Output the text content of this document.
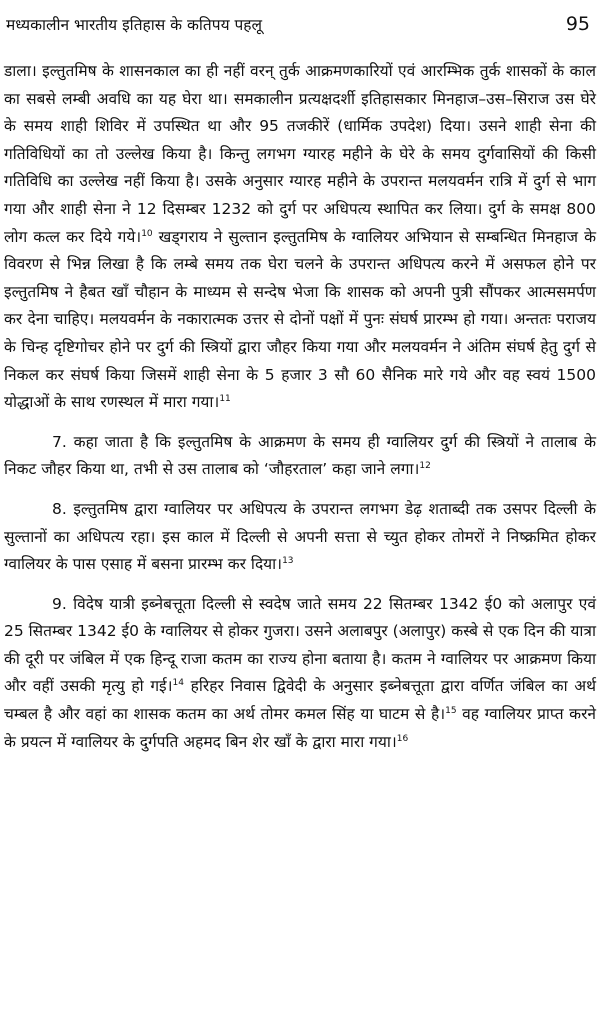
मध्यकालीन भारतीय इतिहास के कतिपय पहलू	95

डाला। इल्तुतमिष के शासनकाल का ही नहीं वरन् तुर्क आक्रमणकारियों एवं आरम्भिक तुर्क शासकों के काल का सबसे लम्बी अवधि का यह घेरा था। समकालीन प्रत्यक्षदर्शी इतिहासकार मिनहाज–उस–सिराज उस घेरे के समय शाही शिविर में उपस्थित था और 95 तजकीरें (धार्मिक उपदेश) दिया। उसने शाही सेना की गतिविधियों का तो उल्लेख किया है। किन्तु लगभग ग्यारह महीने के घेरे के समय दुर्गवासियों की किसी गतिविधि का उल्लेख नहीं किया है। उसके अनुसार ग्यारह महीने के उपरान्त मलयवर्मन रात्रि में दुर्ग से भाग गया और शाही सेना ने 12 दिसम्बर 1232 को दुर्ग पर अधिपत्य स्थापित कर लिया। दुर्ग के समक्ष 800 लोग कत्ल कर दिये गये।$^{10}$ खड्गराय ने सुल्तान इल्तुतमिष के ग्वालियर अभियान से सम्बन्धित मिनहाज के विवरण से भिन्न लिखा है कि लम्बे समय तक घेरा चलने के उपरान्त अधिपत्य करने में असफल होने पर इल्तुतमिष ने हैबत खाँ चौहान के माध्यम से सन्देष भेजा कि शासक को अपनी पुत्री सौंपकर आत्मसमर्पण कर देना चाहिए। मलयवर्मन के नकारात्मक उत्तर से दोनों पक्षों में पुनः संघर्ष प्रारम्भ हो गया। अन्ततः पराजय के चिन्ह दृष्टिगोचर होने पर दुर्ग की स्त्रियों द्वारा जौहर किया गया और मलयवर्मन ने अंतिम संघर्ष हेतु दुर्ग से निकल कर संघर्ष किया जिसमें शाही सेना के 5 हजार 3 सौ 60 सैनिक मारे गये और वह स्वयं 1500 योद्धाओं के साथ रणस्थल में मारा गया।$^{11}$

7. कहा जाता है कि इल्तुतमिष के आक्रमण के समय ही ग्वालियर दुर्ग की स्त्रियों ने तालाब के निकट जौहर किया था, तभी से उस तालाब को ‘जौहरताल’ कहा जाने लगा।$^{12}$

8. इल्तुतमिष द्वारा ग्वालियर पर अधिपत्य के उपरान्त लगभग डेढ़ शताब्दी तक उसपर दिल्ली के सुल्तानों का अधिपत्य रहा। इस काल में दिल्ली से अपनी सत्ता से च्युत होकर तोमरों ने निष्क्रमित होकर ग्वालियर के पास एसाह में बसना प्रारम्भ कर दिया।$^{13}$

9. विदेष यात्री इब्नेबत्तूता दिल्ली से स्वदेष जाते समय 22 सितम्बर 1342 ई0 को अलापुर एवं 25 सितम्बर 1342 ई0 के ग्वालियर से होकर गुजरा। उसने अलाबपुर (अलापुर) कस्बे से एक दिन की यात्रा की दूरी पर जंबिल में एक हिन्दू राजा कतम का राज्य होना बताया है। कतम ने ग्वालियर पर आक्रमण किया और वहीं उसकी मृत्यु हो गई।$^{14}$ हरिहर निवास द्विवेदी के अनुसार इब्नेबत्तूता द्वारा वर्णित जंबिल का अर्थ चम्बल है और वहां का शासक कतम का अर्थ तोमर कमल सिंह या घाटम से है।$^{15}$ वह ग्वालियर प्राप्त करने के प्रयत्न में ग्वालियर के दुर्गपति अहमद बिन शेर खाँ के द्वारा मारा गया।$^{16}$
